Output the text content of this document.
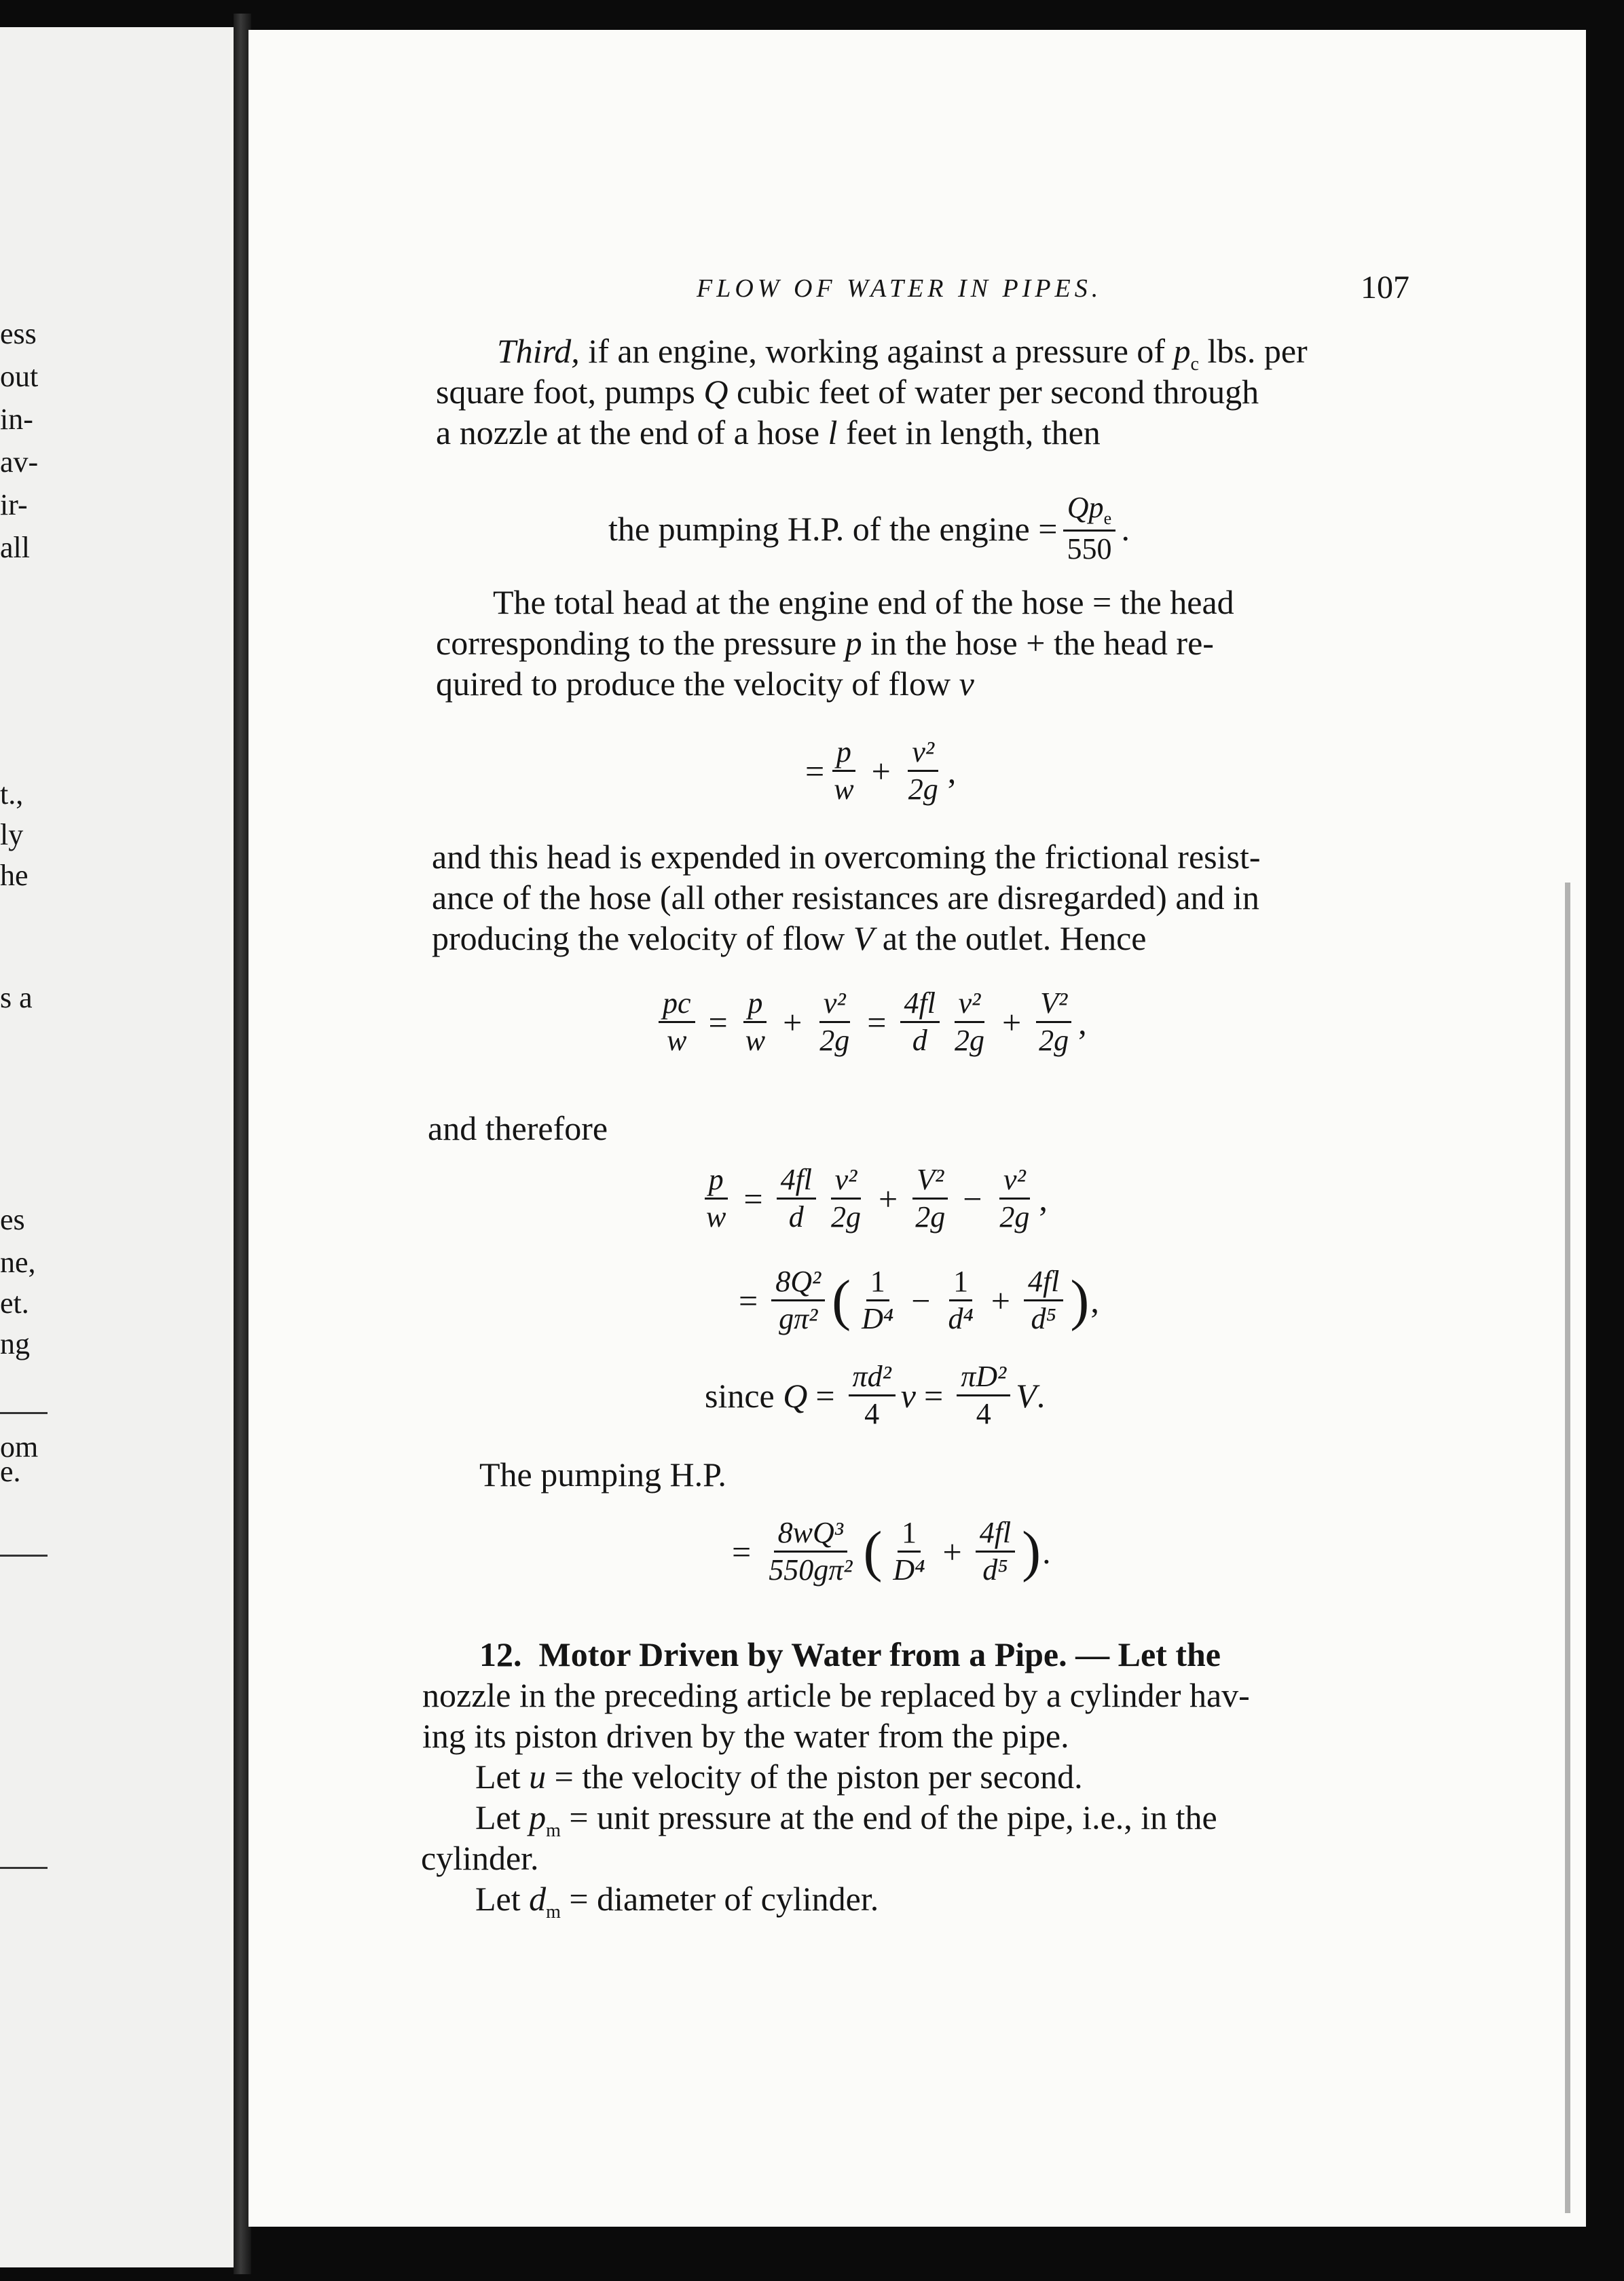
ess
out
in-
av-
ir-
all
t.,
ly
he
s a
es
ne,
et.
ng
om
e.
FLOW OF WATER IN PIPES.	107
Third, if an engine, working against a pressure of $p_c$ lbs. per
square foot, pumps Q cubic feet of water per second through
a nozzle at the end of a hose l feet in length, then
the pumping H.P. of the engine = $\frac{Qp_e}{550}$ .
The total head at the engine end of the hose = the head
corresponding to the pressure p in the hose + the head re-
quired to produce the velocity of flow v
= $\frac{p}{w} + \frac{\text{v²}}{2g}$ ,
and this head is expended in overcoming the frictional resist-
ance of the hose (all other resistances are disregarded) and in
producing the velocity of flow V at the outlet. Hence
$\frac{pc}{w} = \frac{p}{w} + \frac{\text{v²}}{2g} = \frac{4fl}{d} \frac{\text{v²}}{2g} + \frac{\text{V²}}{2g}$ ,
and therefore
$\frac{p}{w} = \frac{4fl}{d} \frac{\text{v²}}{2g} + \frac{\text{V²}}{2g} - \frac{\text{v²}}{2g}$ ,
= $\frac{\text{8Q²}}{\text{gπ²}}$ ( $\frac{1}{\text{D⁴}} - \frac{1}{\text{d⁴}} + \frac{4fl}{\text{d⁵}}$ ) ,
since
$Q = \frac{\text{πd²}}{4}$ $v = \frac{\text{πD²}}{4}$ V .
The pumping H.P.
= $\frac{\text{8wQ³}}{\text{550gπ²}}$ ( $\frac{1}{\text{D⁴}} + \frac{4fl}{\text{d⁵}}$ ) .
12. Motor Driven by Water from a Pipe. — Let the
nozzle in the preceding article be replaced by a cylinder hav-
ing its piston driven by the water from the pipe.
Let u = the velocity of the piston per second.
Let $p_m$ = unit pressure at the end of the pipe, i.e., in the
cylinder.
Let $d_m$ = diameter of cylinder.
